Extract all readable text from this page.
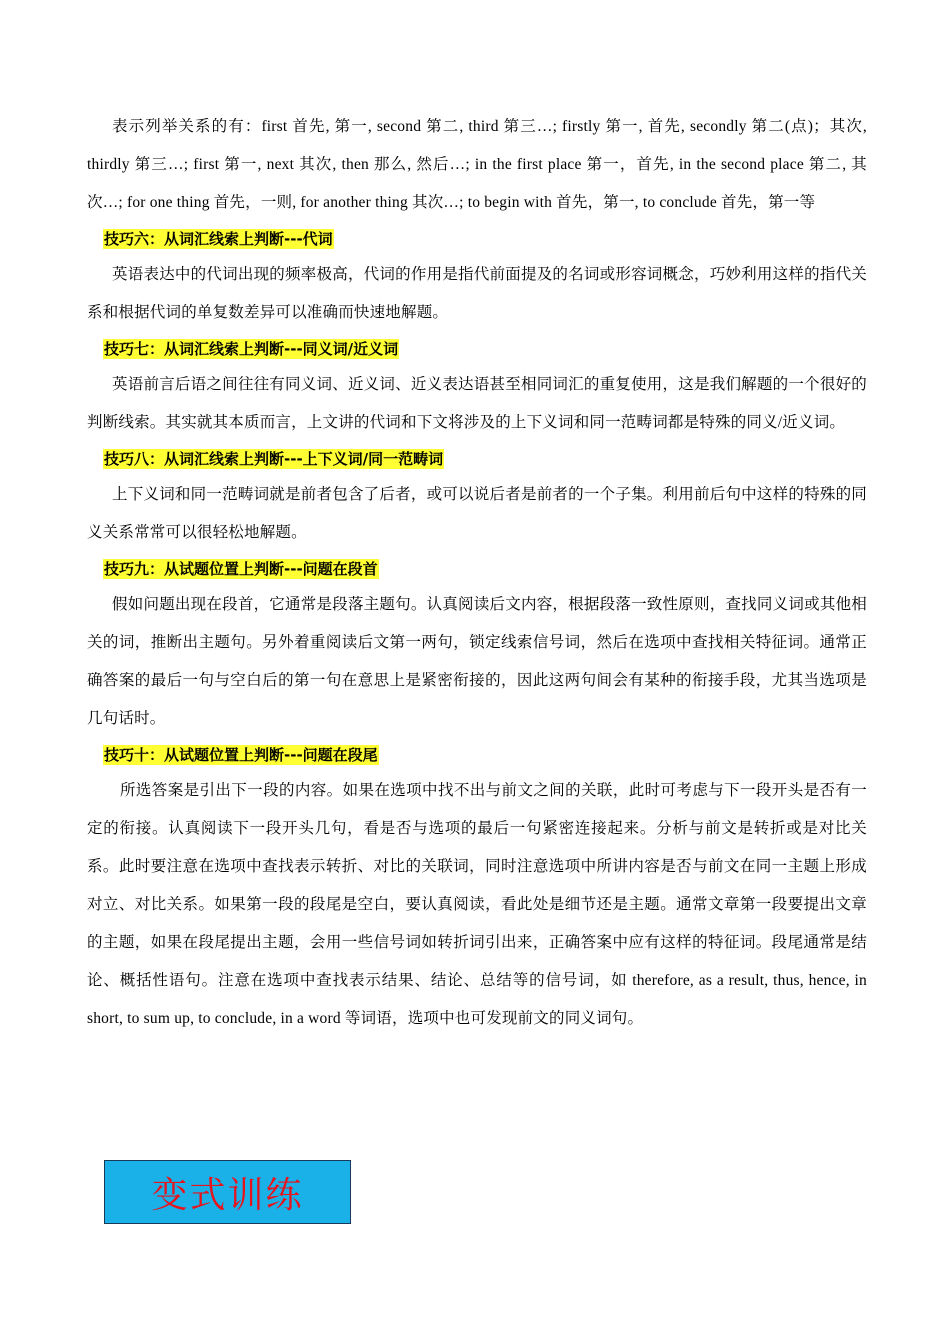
表示列举关系的有：first 首先, 第一, second 第二, third 第三…; firstly 第一, 首先, secondly 第二(点)；其次, thirdly 第三…; first 第一, next 其次, then 那么, 然后…; in the first place 第一，首先, in the second place 第二, 其次…; for one thing 首先，一则, for another thing 其次…; to begin with 首先，第一, to conclude 首先，第一等

技巧六：从词汇线索上判断---代词

英语表达中的代词出现的频率极高，代词的作用是指代前面提及的名词或形容词概念，巧妙利用这样的指代关系和根据代词的单复数差异可以准确而快速地解题。

技巧七：从词汇线索上判断---同义词/近义词

英语前言后语之间往往有同义词、近义词、近义表达语甚至相同词汇的重复使用，这是我们解题的一个很好的判断线索。其实就其本质而言，上文讲的代词和下文将涉及的上下义词和同一范畴词都是特殊的同义/近义词。

技巧八：从词汇线索上判断---上下义词/同一范畴词

上下义词和同一范畴词就是前者包含了后者，或可以说后者是前者的一个子集。利用前后句中这样的特殊的同义关系常常可以很轻松地解题。

技巧九：从试题位置上判断---问题在段首

假如问题出现在段首，它通常是段落主题句。认真阅读后文内容，根据段落一致性原则，查找同义词或其他相关的词，推断出主题句。另外着重阅读后文第一两句，锁定线索信号词，然后在选项中查找相关特征词。通常正确答案的最后一句与空白后的第一句在意思上是紧密衔接的，因此这两句间会有某种的衔接手段，尤其当选项是几句话时。

技巧十：从试题位置上判断---问题在段尾

所选答案是引出下一段的内容。如果在选项中找不出与前文之间的关联，此时可考虑与下一段开头是否有一定的衔接。认真阅读下一段开头几句，看是否与选项的最后一句紧密连接起来。分析与前文是转折或是对比关系。此时要注意在选项中查找表示转折、对比的关联词，同时注意选项中所讲内容是否与前文在同一主题上形成对立、对比关系。如果第一段的段尾是空白，要认真阅读，看此处是细节还是主题。通常文章第一段要提出文章的主题，如果在段尾提出主题，会用一些信号词如转折词引出来，正确答案中应有这样的特征词。段尾通常是结论、概括性语句。注意在选项中查找表示结果、结论、总结等的信号词，如 therefore, as a result, thus, hence, in short, to sum up, to conclude, in a word 等词语，选项中也可发现前文的同义词句。

变式训练
